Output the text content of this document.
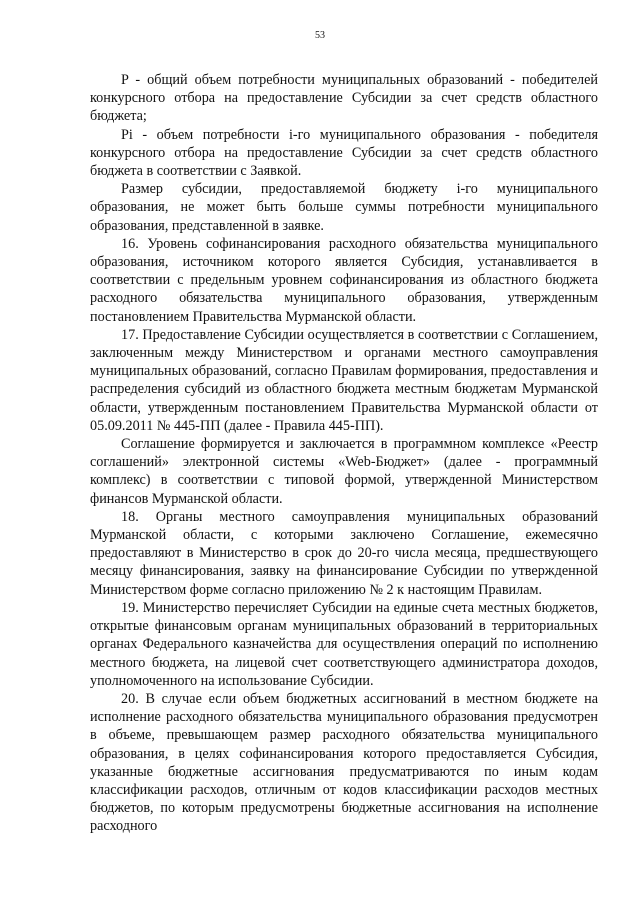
53

P - общий объем потребности муниципальных образований - победителей конкурсного отбора на предоставление Субсидии за счет средств областного бюджета;

Pi - объем потребности i-го муниципального образования - победителя конкурсного отбора на предоставление Субсидии за счет средств областного бюджета в соответствии с Заявкой.

Размер субсидии, предоставляемой бюджету i-го муниципального образования, не может быть больше суммы потребности муниципального образования, представленной в заявке.

16. Уровень софинансирования расходного обязательства муниципального образования, источником которого является Субсидия, устанавливается в соответствии с предельным уровнем софинансирования из областного бюджета расходного обязательства муниципального образования, утвержденным постановлением Правительства Мурманской области.

17. Предоставление Субсидии осуществляется в соответствии с Соглашением, заключенным между Министерством и органами местного самоуправления муниципальных образований, согласно Правилам формирования, предоставления и распределения субсидий из областного бюджета местным бюджетам Мурманской области, утвержденным постановлением Правительства Мурманской области от 05.09.2011 № 445-ПП (далее - Правила 445-ПП).

Соглашение формируется и заключается в программном комплексе «Реестр соглашений» электронной системы «Web-Бюджет» (далее - программный комплекс) в соответствии с типовой формой, утвержденной Министерством финансов Мурманской области.

18. Органы местного самоуправления муниципальных образований Мурманской области, с которыми заключено Соглашение, ежемесячно предоставляют в Министерство в срок до 20-го числа месяца, предшествующего месяцу финансирования, заявку на финансирование Субсидии по утвержденной Министерством форме согласно приложению № 2 к настоящим Правилам.

19. Министерство перечисляет Субсидии на единые счета местных бюджетов, открытые финансовым органам муниципальных образований в территориальных органах Федерального казначейства для осуществления операций по исполнению местного бюджета, на лицевой счет соответствующего администратора доходов, уполномоченного на использование Субсидии.

20. В случае если объем бюджетных ассигнований в местном бюджете на исполнение расходного обязательства муниципального образования предусмотрен в объеме, превышающем размер расходного обязательства муниципального образования, в целях софинансирования которого предоставляется Субсидия, указанные бюджетные ассигнования предусматриваются по иным кодам классификации расходов, отличным от кодов классификации расходов местных бюджетов, по которым предусмотрены бюджетные ассигнования на исполнение расходного
